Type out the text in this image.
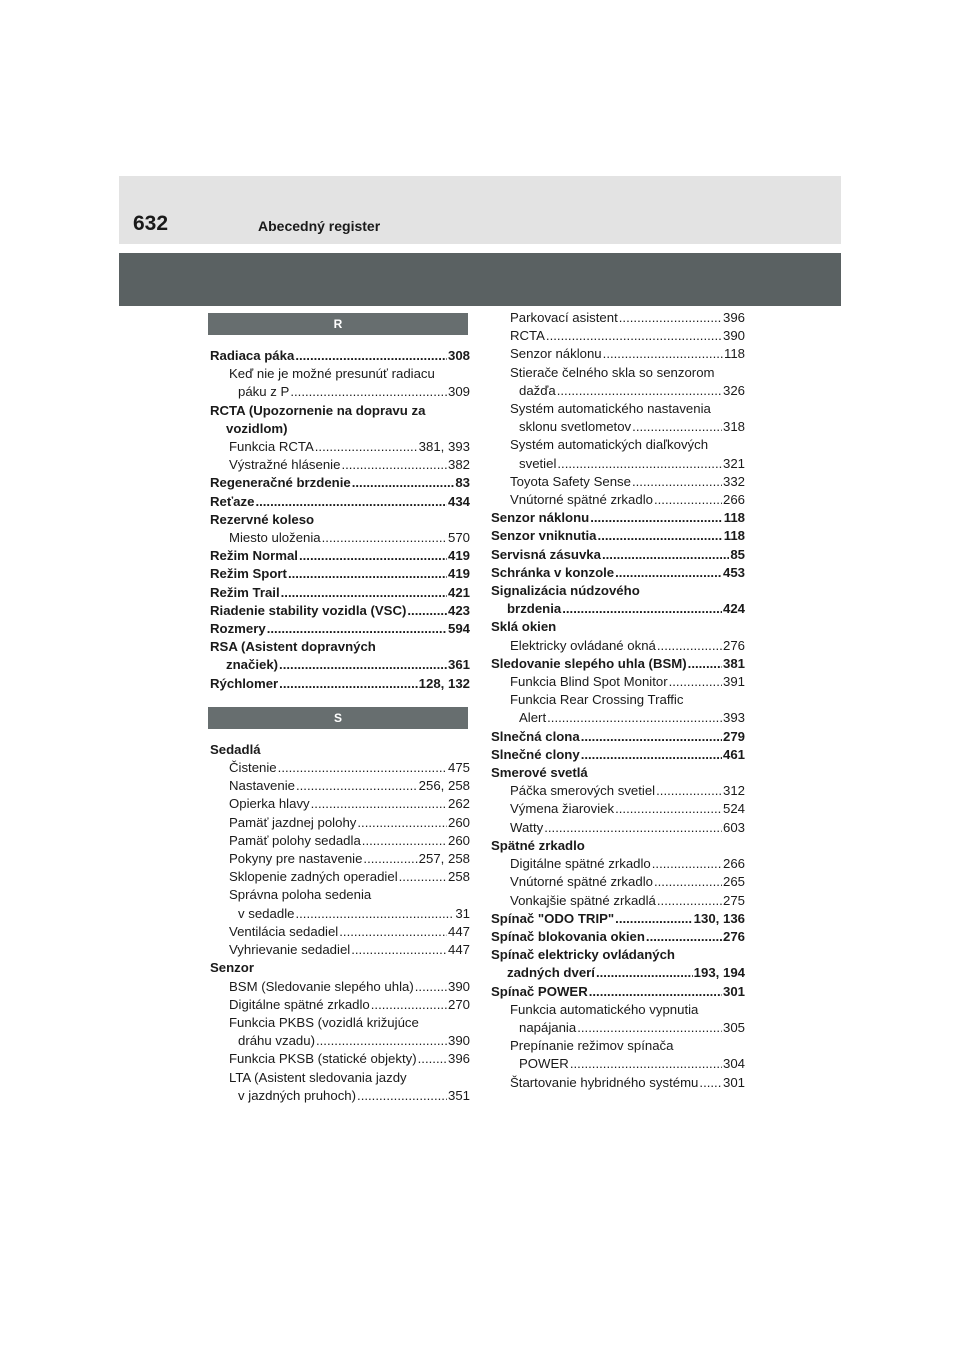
632	Abecedný register
R
Radiaca páka .....	308
Keď nie je možné presunúť radiacu
páku z P .....	309
RCTA (Upozornenie na dopravu za
vozidlom)
Funkcia RCTA .....	381, 393
Výstražné hlásenie .....	382
Regeneračné brzdenie .....	83
Reťaze .....	434
Rezervné koleso
Miesto uloženia .....	570
Režim Normal .....	419
Režim Sport .....	419
Režim Trail .....	421
Riadenie stability vozidla (VSC) .....	423
Rozmery .....	594
RSA (Asistent dopravných
značiek) .....	361
Rýchlomer .....	128, 132
S
Sedadlá
Čistenie .....	475
Nastavenie .....	256, 258
Opierka hlavy .....	262
Pamäť jazdnej polohy .....	260
Pamäť polohy sedadla .....	260
Pokyny pre nastavenie .....	257, 258
Sklopenie zadných operadiel .....	258
Správna poloha sedenia
v sedadle .....	31
Ventilácia sedadiel .....	447
Vyhrievanie sedadiel .....	447
Senzor
BSM (Sledovanie slepého uhla) .....	390
Digitálne spätné zrkadlo .....	270
Funkcia PKBS (vozidlá križujúce
dráhu vzadu) .....	390
Funkcia PKSB (statické objekty) ..... 396
LTA (Asistent sledovania jazdy
v jazdných pruhoch) .....	351
Parkovací asistent .....	396
RCTA .....	390
Senzor náklonu .....	118
Stierače čelného skla so senzorom
dažďa .....	326
Systém automatického nastavenia
sklonu svetlometov .....	318
Systém automatických diaľkových
svetiel .....	321
Toyota Safety Sense .....	332
Vnútorné spätné zrkadlo .....	266
Senzor náklonu .....	118
Senzor vniknutia .....	118
Servisná zásuvka .....	85
Schránka v konzole .....	453
Signalizácia núdzového
brzdenia .....	424
Sklá okien
Elektricky ovládané okná .....	276
Sledovanie slepého uhla (BSM) .....	381
Funkcia Blind Spot Monitor .....	391
Funkcia Rear Crossing Traffic
Alert .....	393
Slnečná clona .....	279
Slnečné clony .....	461
Smerové svetlá
Páčka smerových svetiel .....	312
Výmena žiaroviek .....	524
Watty .....	603
Spätné zrkadlo
Digitálne spätné zrkadlo .....	266
Vnútorné spätné zrkadlo .....	265
Vonkajšie spätné zrkadlá .....	275
Spínač "ODO TRIP" .....	130, 136
Spínač blokovania okien .....	276
Spínač elektricky ovládaných
zadných dverí .....	193, 194
Spínač POWER .....	301
Funkcia automatického vypnutia
napájania .....	305
Prepínanie režimov spínača
POWER .....	304
Štartovanie hybridného systému ..... 301
